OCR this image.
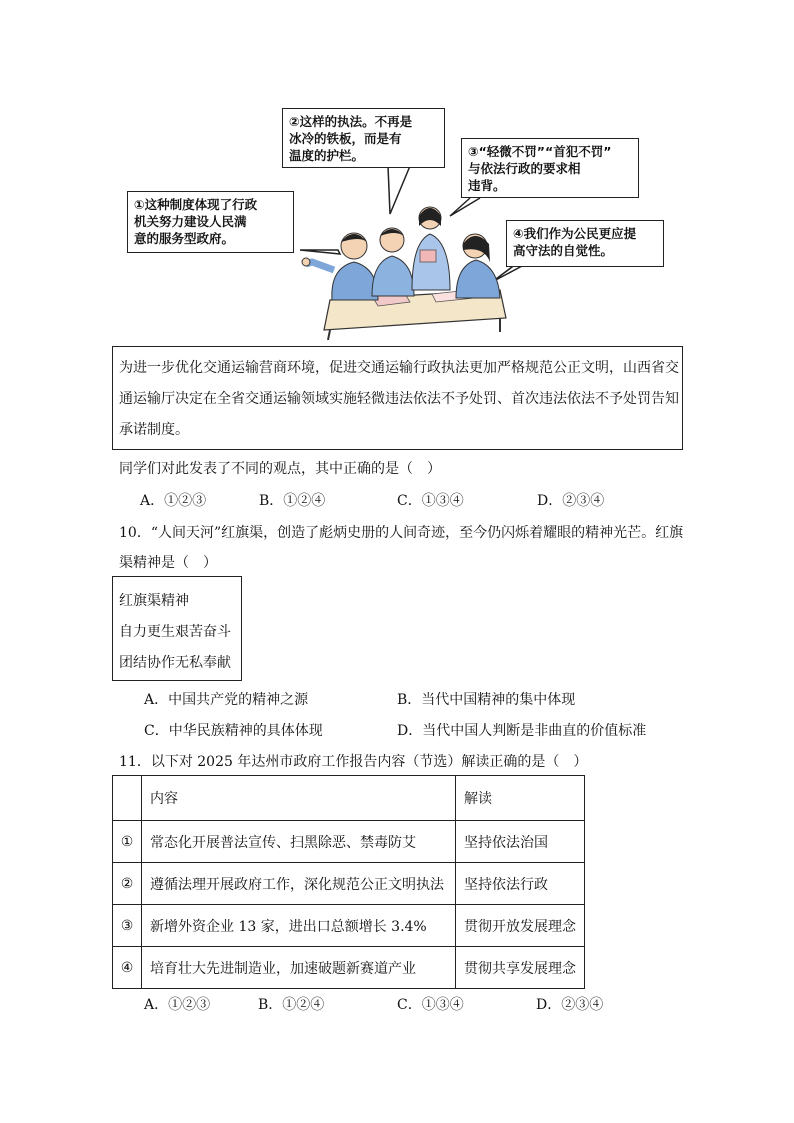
①这种制度体现了行政
机关努力建设人民满
意的服务型政府。
②这样的执法。不再是
冰冷的铁板，而是有
温度的护栏。	③“轻微不罚”“首犯不罚”
与依法行政的要求相
违背。
④我们作为公民更应提
高守法的自觉性。
为进一步优化交通运输营商环境，促进交通运输行政执法更加严格规范公正文明，山西省交
通运输厅决定在全省交通运输领域实施轻微违法依法不予处罚、首次违法依法不予处罚告知
承诺制度。
同学们对此发表了不同的观点，其中正确的是（　）
A．①②③	B．①②④	C．①③④	D．②③④
10．“人间天河”红旗渠，创造了彪炳史册的人间奇迹，至今仍闪烁着耀眼的精神光芒。红旗
渠精神是（　）
红旗渠精神
自力更生艰苦奋斗
团结协作无私奉献
A．中国共产党的精神之源	B．当代中国精神的集中体现
C．中华民族精神的具体体现	D．当代中国人判断是非曲直的价值标准
11．以下对 2025 年达州市政府工作报告内容（节选）解读正确的是（　）
	内容	解读
①	常态化开展普法宣传、扫黑除恶、禁毒防艾	坚持依法治国
②	遵循法理开展政府工作，深化规范公正文明执法	坚持依法行政
③	新增外资企业 13 家，进出口总额增长 3.4%	贯彻开放发展理念
④	培育壮大先进制造业，加速破题新赛道产业	贯彻共享发展理念
A．①②③	B．①②④	C．①③④	D．②③④
